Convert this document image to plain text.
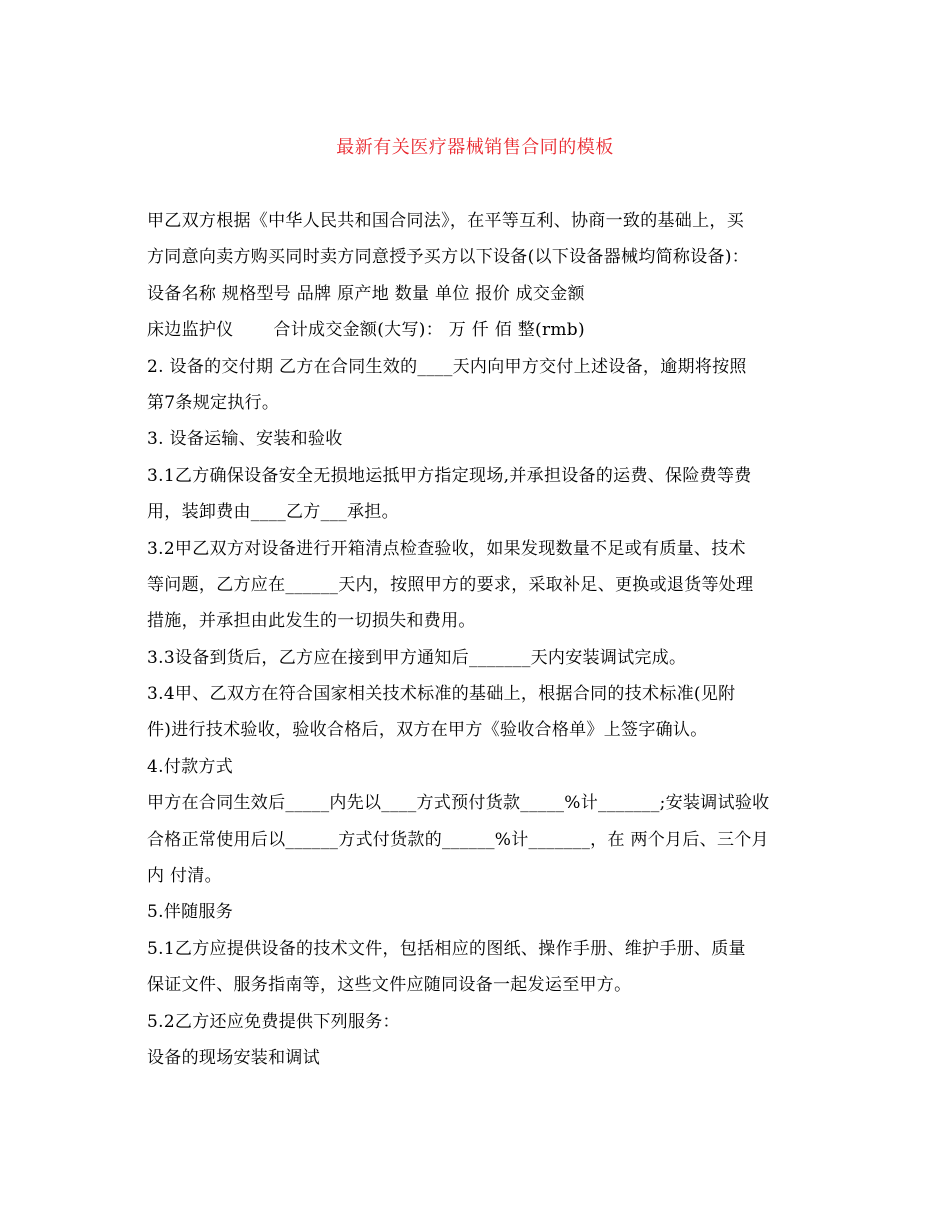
最新有关医疗器械销售合同的模板
甲乙双方根据《中华人民共和国合同法》，在平等互利、协商一致的基础上，买
方同意向卖方购买同时卖方同意授予买方以下设备(以下设备器械均简称设备)：
设备名称 规格型号 品牌 原产地 数量 单位 报价 成交金额
床边监护仪       合计成交金额(大写)： 万 仟 佰 整(rmb)
2. 设备的交付期 乙方在合同生效的____天内向甲方交付上述设备，逾期将按照
第7条规定执行。
3. 设备运输、安装和验收
3.1乙方确保设备安全无损地运抵甲方指定现场,并承担设备的运费、保险费等费
用，装卸费由____乙方___承担。
3.2甲乙双方对设备进行开箱清点检查验收，如果发现数量不足或有质量、技术
等问题，乙方应在______天内，按照甲方的要求，采取补足、更换或退货等处理
措施，并承担由此发生的一切损失和费用。
3.3设备到货后，乙方应在接到甲方通知后_______天内安装调试完成。
3.4甲、乙双方在符合国家相关技术标准的基础上，根据合同的技术标准(见附
件)进行技术验收，验收合格后，双方在甲方《验收合格单》上签字确认。
4.付款方式
甲方在合同生效后_____内先以____方式预付货款_____%计_______;安装调试验收
合格正常使用后以______方式付货款的______%计_______，在 两个月后、三个月
内 付清。
5.伴随服务
5.1乙方应提供设备的技术文件，包括相应的图纸、操作手册、维护手册、质量
保证文件、服务指南等，这些文件应随同设备一起发运至甲方。
5.2乙方还应免费提供下列服务：
设备的现场安装和调试
